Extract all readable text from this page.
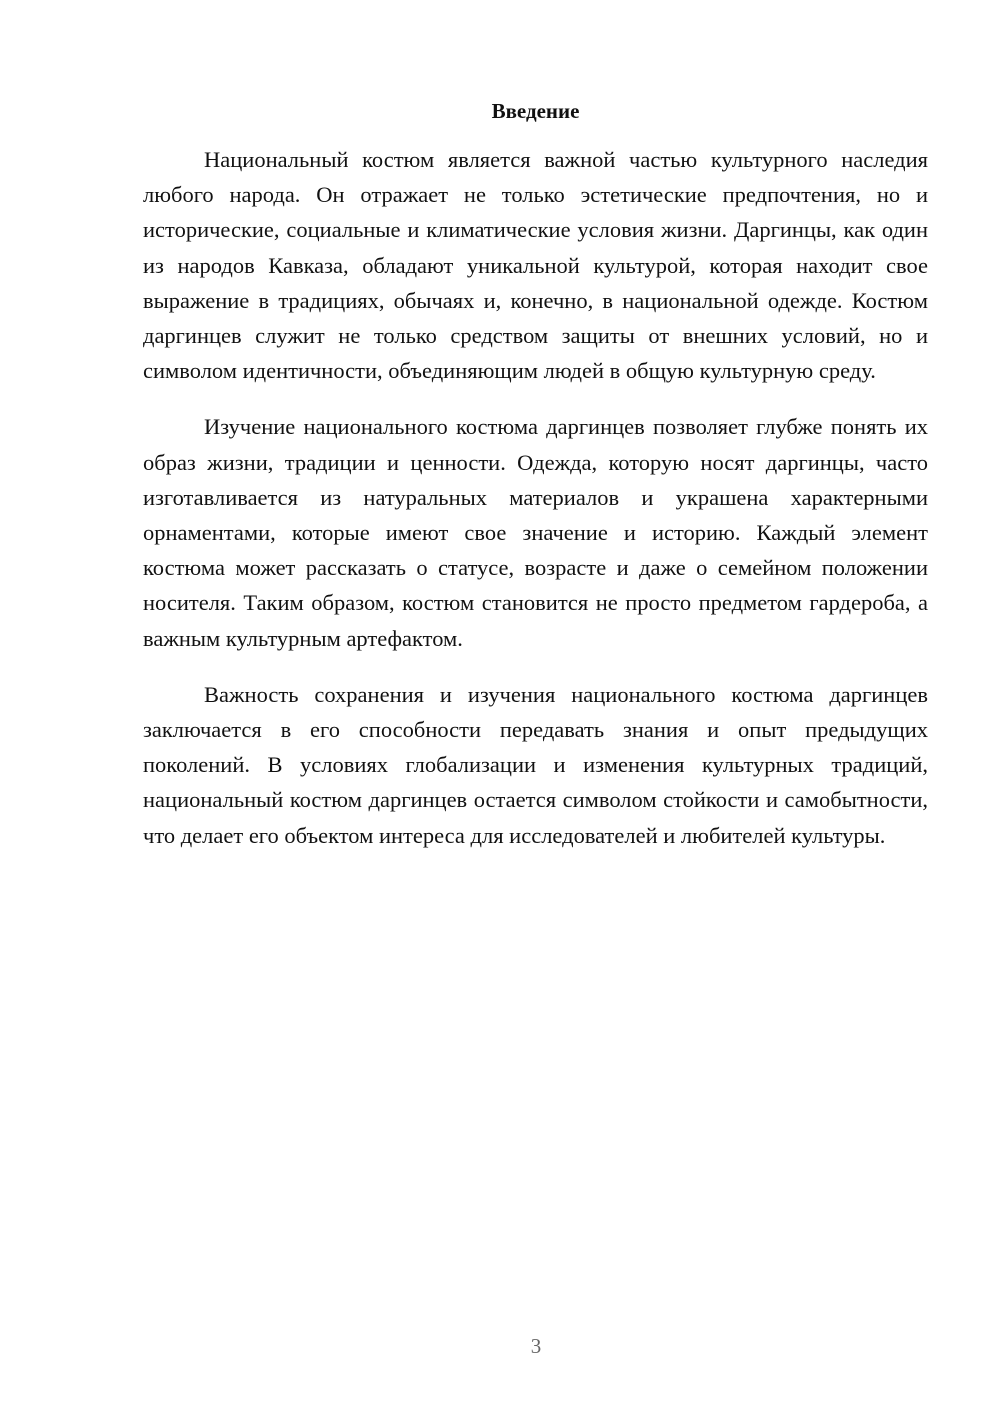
Введение

Национальный костюм является важной частью культурного наследия любого народа. Он отражает не только эстетические предпочтения, но и исторические, социальные и климатические условия жизни. Даргинцы, как один из народов Кавказа, обладают уникальной культурой, которая находит свое выражение в традициях, обычаях и, конечно, в национальной одежде. Костюм даргинцев служит не только средством защиты от внешних условий, но и символом идентичности, объединяющим людей в общую культурную среду.

Изучение национального костюма даргинцев позволяет глубже понять их образ жизни, традиции и ценности. Одежда, которую носят даргинцы, часто изготавливается из натуральных материалов и украшена характерными орнаментами, которые имеют свое значение и историю. Каждый элемент костюма может рассказать о статусе, возрасте и даже о семейном положении носителя. Таким образом, костюм становится не просто предметом гардероба, а важным культурным артефактом.

Важность сохранения и изучения национального костюма даргинцев заключается в его способности передавать знания и опыт предыдущих поколений. В условиях глобализации и изменения культурных традиций, национальный костюм даргинцев остается символом стойкости и самобытности, что делает его объектом интереса для исследователей и любителей культуры.

3
